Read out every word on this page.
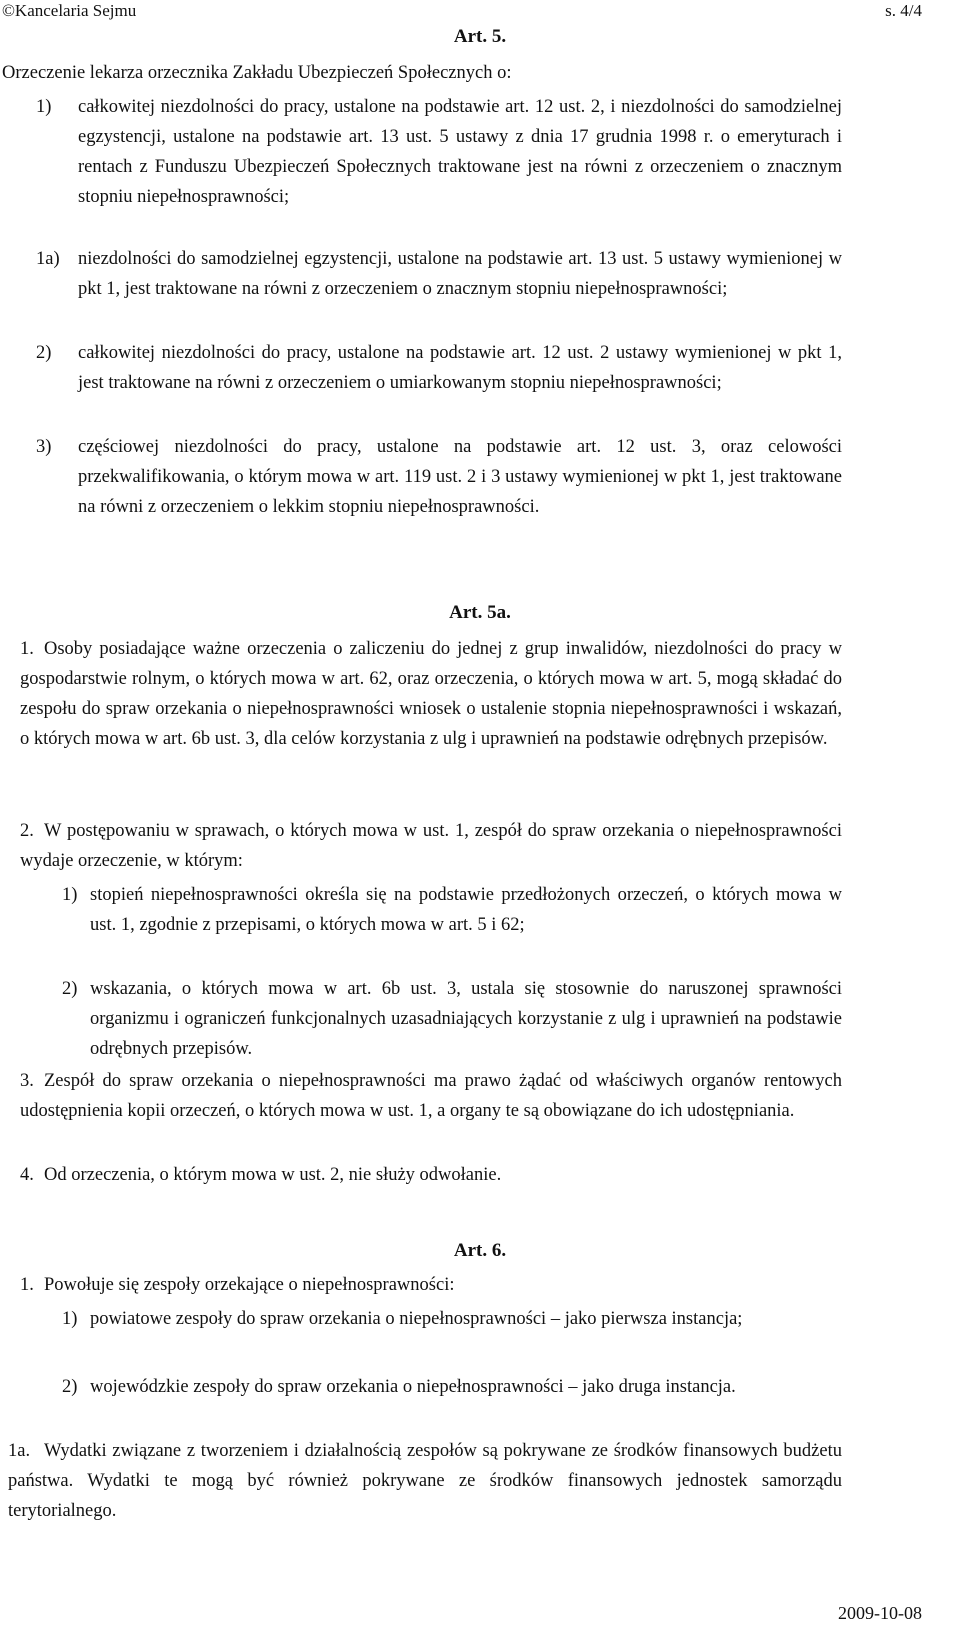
©Kancelaria Sejmu	s. 4/4
Art. 5.
Orzeczenie lekarza orzecznika Zakładu Ubezpieczeń Społecznych o:
1)	całkowitej niezdolności do pracy, ustalone na podstawie art. 12 ust. 2, i niezdolności do samodzielnej egzystencji, ustalone na podstawie art. 13 ust. 5 ustawy z dnia 17 grudnia 1998 r. o emeryturach i rentach z Funduszu Ubezpieczeń Społecznych traktowane jest na równi z orzeczeniem o znacznym stopniu niepełnosprawności;
1a) niezdolności do samodzielnej egzystencji, ustalone na podstawie art. 13 ust. 5 ustawy wymienionej w pkt 1, jest traktowane na równi z orzeczeniem o znacznym stopniu niepełnosprawności;
2)	całkowitej niezdolności do pracy, ustalone na podstawie art. 12 ust. 2 ustawy wymienionej w pkt 1, jest traktowane na równi z orzeczeniem o umiarkowanym stopniu niepełnosprawności;
3)	częściowej niezdolności do pracy, ustalone na podstawie art. 12 ust. 3, oraz celowości przekwalifikowania, o którym mowa w art. 119 ust. 2 i 3 ustawy wymienionej w pkt 1, jest traktowane na równi z orzeczeniem o lekkim stopniu niepełnosprawności.
Art. 5a.
1. Osoby posiadające ważne orzeczenia o zaliczeniu do jednej z grup inwalidów, niezdolności do pracy w gospodarstwie rolnym, o których mowa w art. 62, oraz orzeczenia, o których mowa w art. 5, mogą składać do zespołu do spraw orzekania o niepełnosprawności wniosek o ustalenie stopnia niepełnosprawności i wskazań, o których mowa w art. 6b ust. 3, dla celów korzystania z ulg i uprawnień na podstawie odrębnych przepisów.
2. W postępowaniu w sprawach, o których mowa w ust. 1, zespół do spraw orzekania o niepełnosprawności wydaje orzeczenie, w którym:
1) stopień niepełnosprawności określa się na podstawie przedłożonych orzeczeń, o których mowa w ust. 1, zgodnie z przepisami, o których mowa w art. 5 i 62;
2) wskazania, o których mowa w art. 6b ust. 3, ustala się stosownie do naruszonej sprawności organizmu i ograniczeń funkcjonalnych uzasadniających korzystanie z ulg i uprawnień na podstawie odrębnych przepisów.
3. Zespół do spraw orzekania o niepełnosprawności ma prawo żądać od właściwych organów rentowych udostępnienia kopii orzeczeń, o których mowa w ust. 1, a organy te są obowiązane do ich udostępniania.
4. Od orzeczenia, o którym mowa w ust. 2, nie służy odwołanie.
Art. 6.
1. Powołuje się zespoły orzekające o niepełnosprawności:
1) powiatowe zespoły do spraw orzekania o niepełnosprawności – jako pierwsza instancja;
2) wojewódzkie zespoły do spraw orzekania o niepełnosprawności – jako druga instancja.
1a. Wydatki związane z tworzeniem i działalnością zespołów są pokrywane ze środków finansowych budżetu państwa. Wydatki te mogą być również pokrywane ze środków finansowych jednostek samorządu terytorialnego.
2009-10-08
